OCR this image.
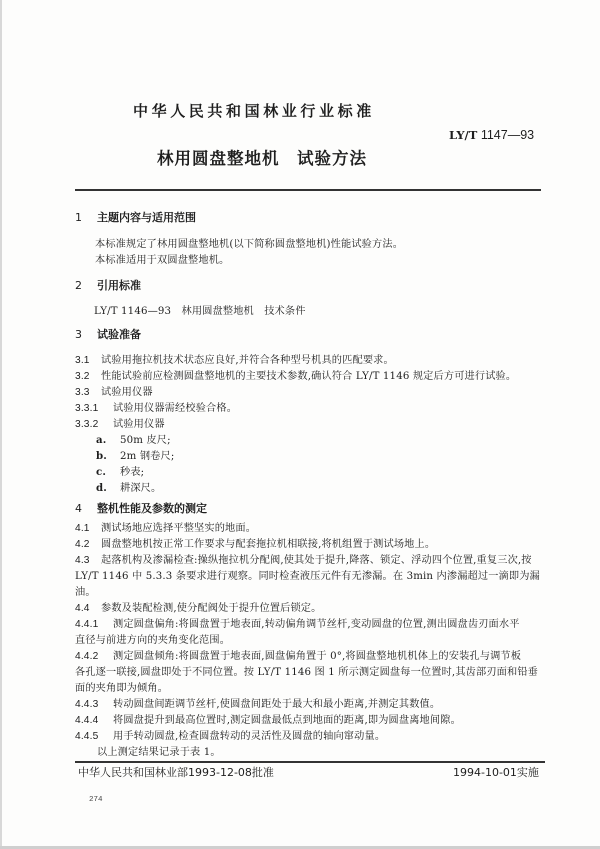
中华人民共和国林业行业标准
LY/T 1147—93
林用圆盘整地机　试验方法
1 主题内容与适用范围
本标准规定了林用圆盘整地机(以下简称圆盘整地机)性能试验方法。
本标准适用于双圆盘整地机。
2 引用标准
LY/T 1146—93　林用圆盘整地机　技术条件
3 试验准备
3.1 试验用拖拉机技术状态应良好,并符合各种型号机具的匹配要求。
3.2 性能试验前应检测圆盘整地机的主要技术参数,确认符合 LY/T 1146 规定后方可进行试验。
3.3 试验用仪器
3.3.1 试验用仪器需经校验合格。
3.3.2 试验用仪器
a. 50m 皮尺;
b. 2m 钢卷尺;
c. 秒表;
d. 耕深尺。
4 整机性能及参数的测定
4.1 测试场地应选择平整坚实的地面。
4.2 圆盘整地机按正常工作要求与配套拖拉机相联接,将机组置于测试场地上。
4.3 起落机构及渗漏检查:操纵拖拉机分配阀,使其处于提升,降落、锁定、浮动四个位置,重复三次,按
LY/T 1146 中 5.3.3 条要求进行观察。同时检查液压元件有无渗漏。在 3min 内渗漏超过一滴即为漏
油。
4.4 参数及装配检测,使分配阀处于提升位置后锁定。
4.4.1 测定圆盘偏角:将圆盘置于地表面,转动偏角调节丝杆,变动圆盘的位置,测出圆盘齿刃面水平
直径与前进方向的夹角变化范围。
4.4.2 测定圆盘倾角:将圆盘置于地表面,圆盘偏角置于 0°,将圆盘整地机机体上的安装孔与调节板
各孔逐一联接,圆盘即处于不同位置。按 LY/T 1146 图 1 所示测定圆盘每一位置时,其齿部刃面和铅垂
面的夹角即为倾角。
4.4.3 转动圆盘间距调节丝杆,使圆盘间距处于最大和最小距离,并测定其数值。
4.4.4 将圆盘提升到最高位置时,测定圆盘最低点到地面的距离,即为圆盘离地间隙。
4.4.5 用手转动圆盘,检查圆盘转动的灵活性及圆盘的轴向窜动量。
以上测定结果记录于表 1。
中华人民共和国林业部1993-12-08批准	1994-10-01实施
274
